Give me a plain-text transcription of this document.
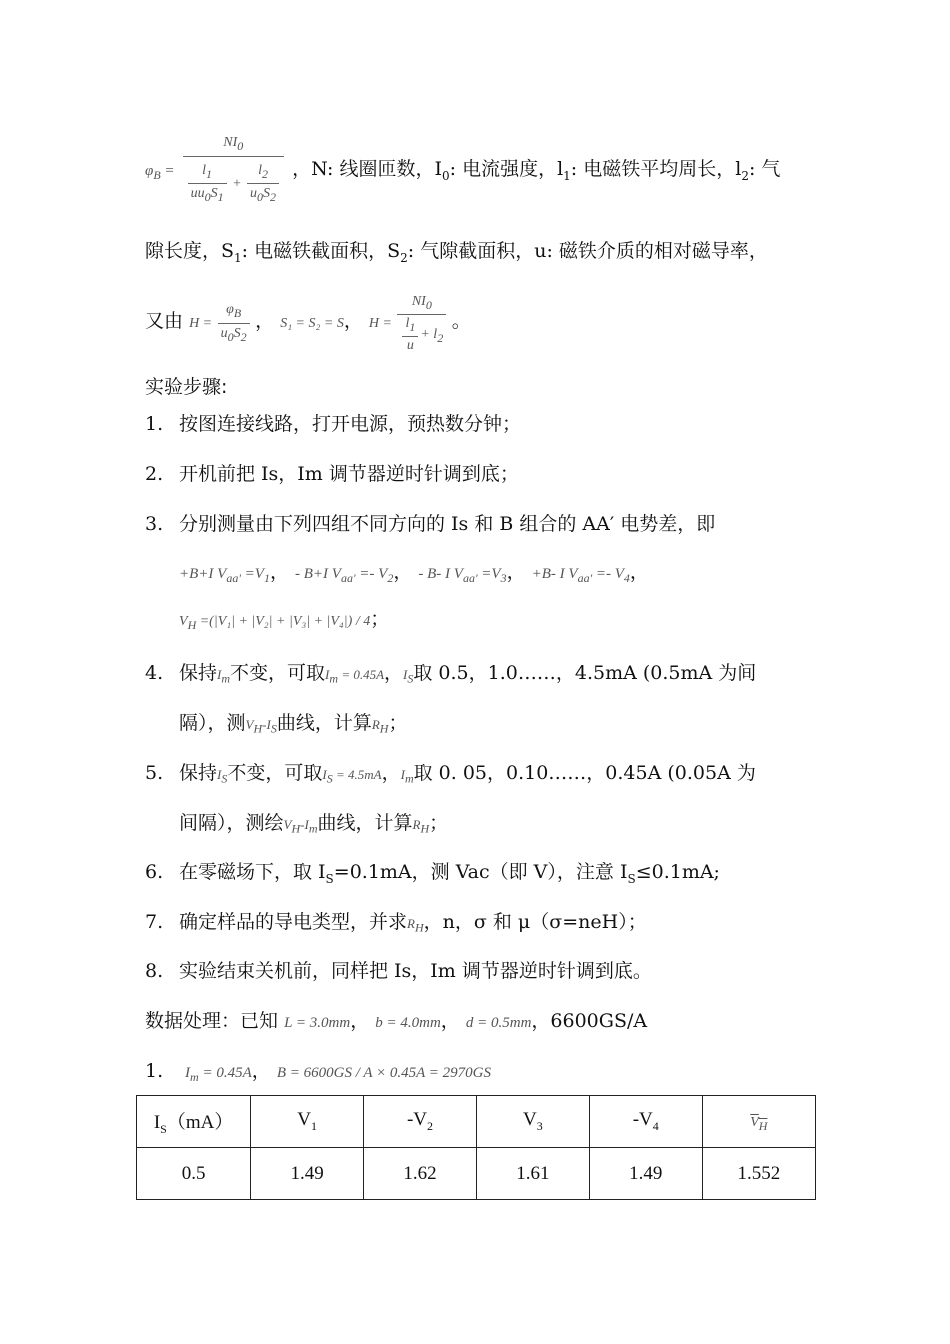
$\varphi_B = \frac{NI_0}{\frac{l_1}{uu_0S_1} + \frac{l_2}{u_0S_2}}$ ，N: 线圈匝数，$I_0$: 电流强度，$l_1$: 电磁铁平均周长，$l_2$: 气
隙长度，$S_1$: 电磁铁截面积，$S_2$: 气隙截面积，u: 磁铁介质的相对磁导率，
又由 $H = \frac{\varphi_B}{u_0S_2}$ ， S₁ = S₂ = S， $H = \frac{NI_0}{\frac{l_1}{u} + l_2}$ 。
实验步骤:
1. 按图连接线路，打开电源，预热数分钟；
2. 开机前把 Is，Im 调节器逆时针调到底；
3. 分别测量由下列四组不同方向的 Is 和 B 组合的 AA′ 电势差，即
+B+I $V_{aa'} =V_1$， - B+I $V_{aa'} =- V_2$， - B- I $V_{aa'} =V_3$， +B- I $V_{aa'} =- V_4$，
$V_H =(|V_1| + |V_2| + |V_3| + |V_4|) / 4$；
4. 保持$I_m$不变，可取$I_m = 0.45A$，$I_S$取 0.5，1.0……，4.5mA (0.5mA 为间
隔），测$V_H-I_S$曲线，计算$R_H$；
5. 保持$I_S$不变，可取$I_S = 4.5mA$，$I_m$取 0. 05，0.10……，0.45A (0.05A 为
间隔），测绘$V_H-I_m$曲线，计算$R_H$；
6. 在零磁场下，取 $I_S=0.1mA$，测 Vac（即 V），注意 $I_S\le 0.1mA$;
7. 确定样品的导电类型，并求$R_H$，n，σ 和 μ（σ=neH）；
8. 实验结束关机前，同样把 Is，Im 调节器逆时针调到底。
数据处理：已知 L = 3.0mm， b = 4.0mm， d = 0.5mm，6600GS/A
1. $I_m = 0.45A$， B = 6600GS / A × 0.45A = 2970GS
$I_S(mA)$	$V_1$	$-V_2$	$V_3$	$-V_4$	$V_H$
0.5	1.49	1.62	1.61	1.49	1.552
